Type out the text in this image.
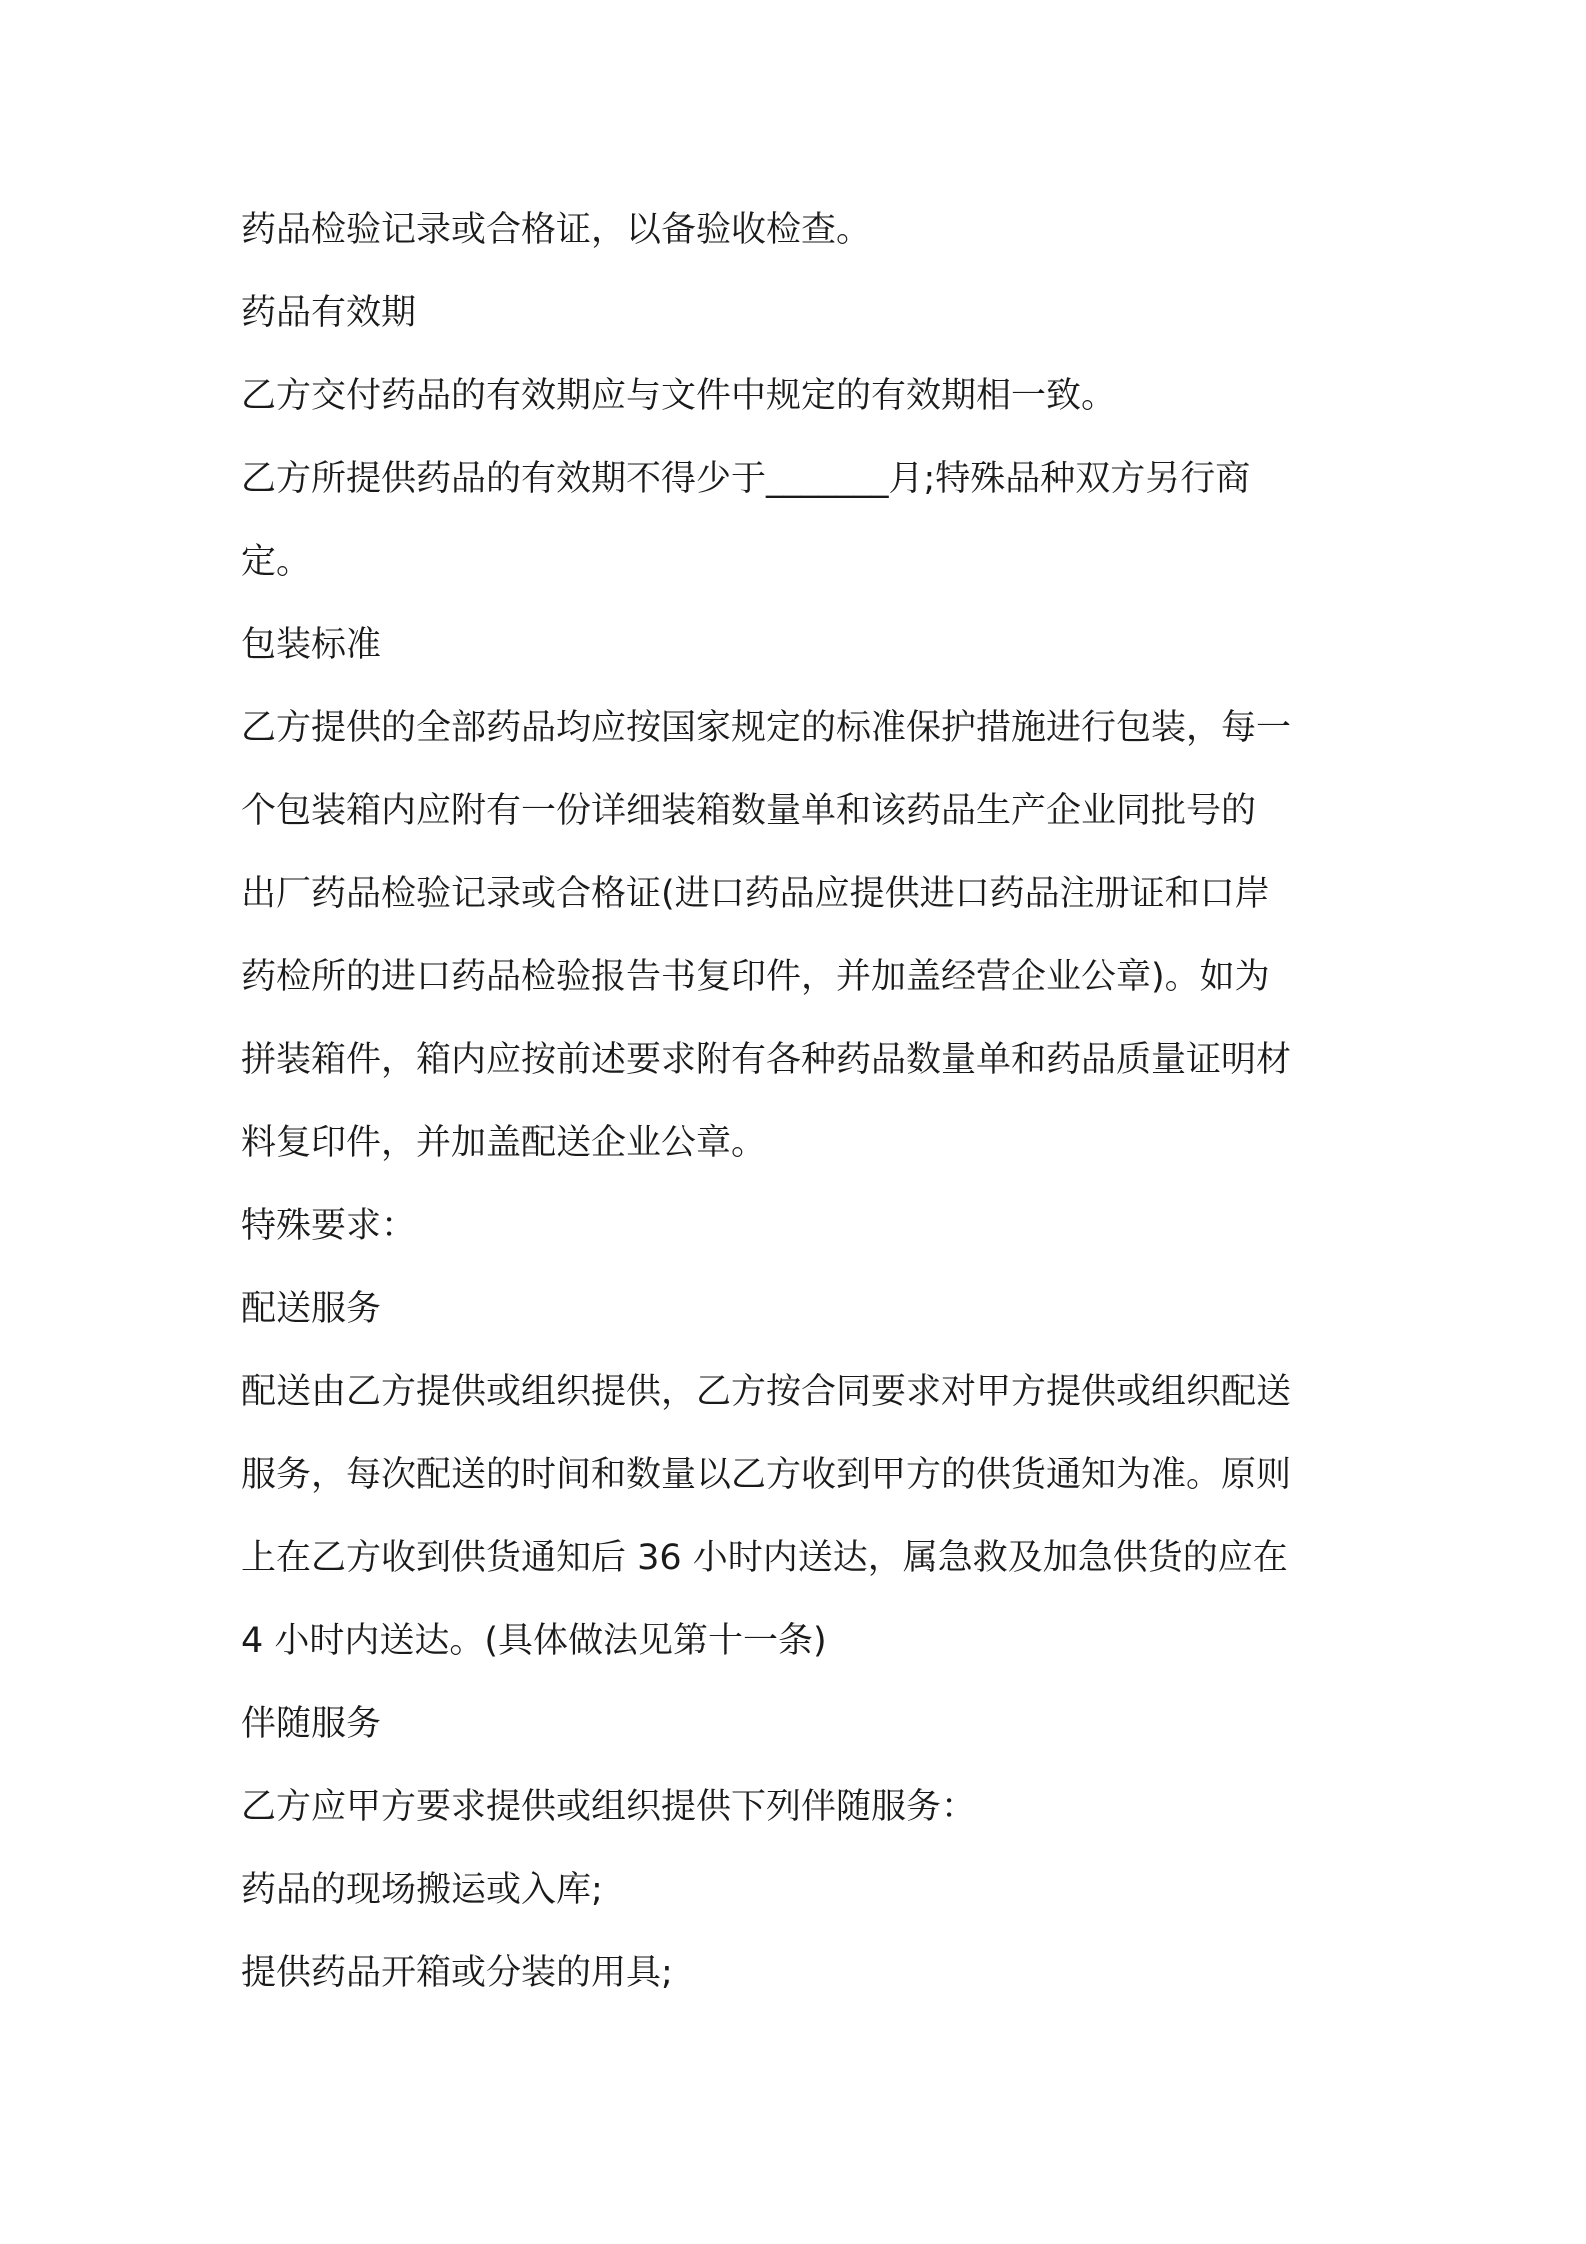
药品检验记录或合格证，以备验收检查。
药品有效期
乙方交付药品的有效期应与文件中规定的有效期相一致。
乙方所提供药品的有效期不得少于_______月;特殊品种双方另行商
定。
包装标准
乙方提供的全部药品均应按国家规定的标准保护措施进行包装，每一
个包装箱内应附有一份详细装箱数量单和该药品生产企业同批号的
出厂药品检验记录或合格证(进口药品应提供进口药品注册证和口岸
药检所的进口药品检验报告书复印件，并加盖经营企业公章)。如为
拼装箱件，箱内应按前述要求附有各种药品数量单和药品质量证明材
料复印件，并加盖配送企业公章。
特殊要求：
配送服务
配送由乙方提供或组织提供，乙方按合同要求对甲方提供或组织配送
服务，每次配送的时间和数量以乙方收到甲方的供货通知为准。原则
上在乙方收到供货通知后 36 小时内送达，属急救及加急供货的应在
4 小时内送达。(具体做法见第十一条)
伴随服务
乙方应甲方要求提供或组织提供下列伴随服务：
药品的现场搬运或入库;
提供药品开箱或分装的用具;
